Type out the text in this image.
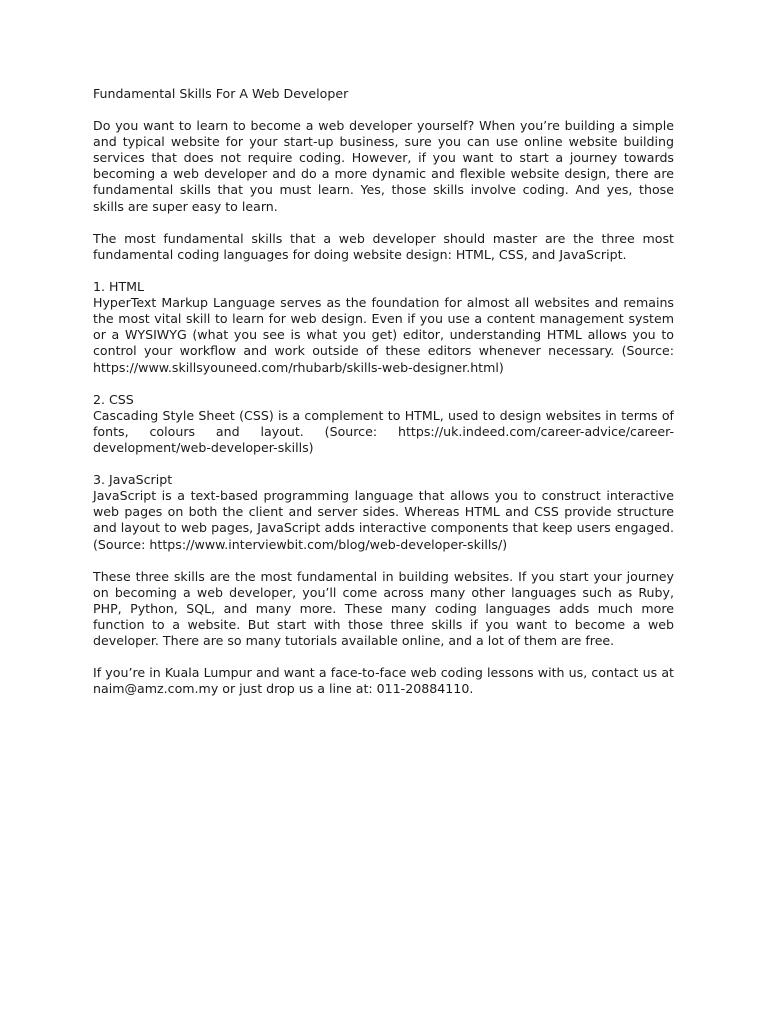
Fundamental Skills For A Web Developer

Do you want to learn to become a web developer yourself? When you’re building a simple and typical website for your start-up business, sure you can use online website building services that does not require coding. However, if you want to start a journey towards becoming a web developer and do a more dynamic and flexible website design, there are fundamental skills that you must learn. Yes, those skills involve coding. And yes, those skills are super easy to learn.

The most fundamental skills that a web developer should master are the three most fundamental coding languages for doing website design: HTML, CSS, and JavaScript.

1. HTML
HyperText Markup Language serves as the foundation for almost all websites and remains the most vital skill to learn for web design. Even if you use a content management system or a WYSIWYG (what you see is what you get) editor, understanding HTML allows you to control your workflow and work outside of these editors whenever necessary. (Source: https://www.skillsyouneed.com/rhubarb/skills-web-designer.html)
2. CSS
Cascading Style Sheet (CSS) is a complement to HTML, used to design websites in terms of fonts, colours and layout. (Source: https://uk.indeed.com/career-advice/career-development/web-developer-skills)
3. JavaScript
JavaScript is a text-based programming language that allows you to construct interactive web pages on both the client and server sides. Whereas HTML and CSS provide structure and layout to web pages, JavaScript adds interactive components that keep users engaged. (Source: https://www.interviewbit.com/blog/web-developer-skills/)

These three skills are the most fundamental in building websites. If you start your journey on becoming a web developer, you’ll come across many other languages such as Ruby, PHP, Python, SQL, and many more. These many coding languages adds much more function to a website. But start with those three skills if you want to become a web developer. There are so many tutorials available online, and a lot of them are free.

If you’re in Kuala Lumpur and want a face-to-face web coding lessons with us, contact us at naim@amz.com.my or just drop us a line at: 011-20884110.
